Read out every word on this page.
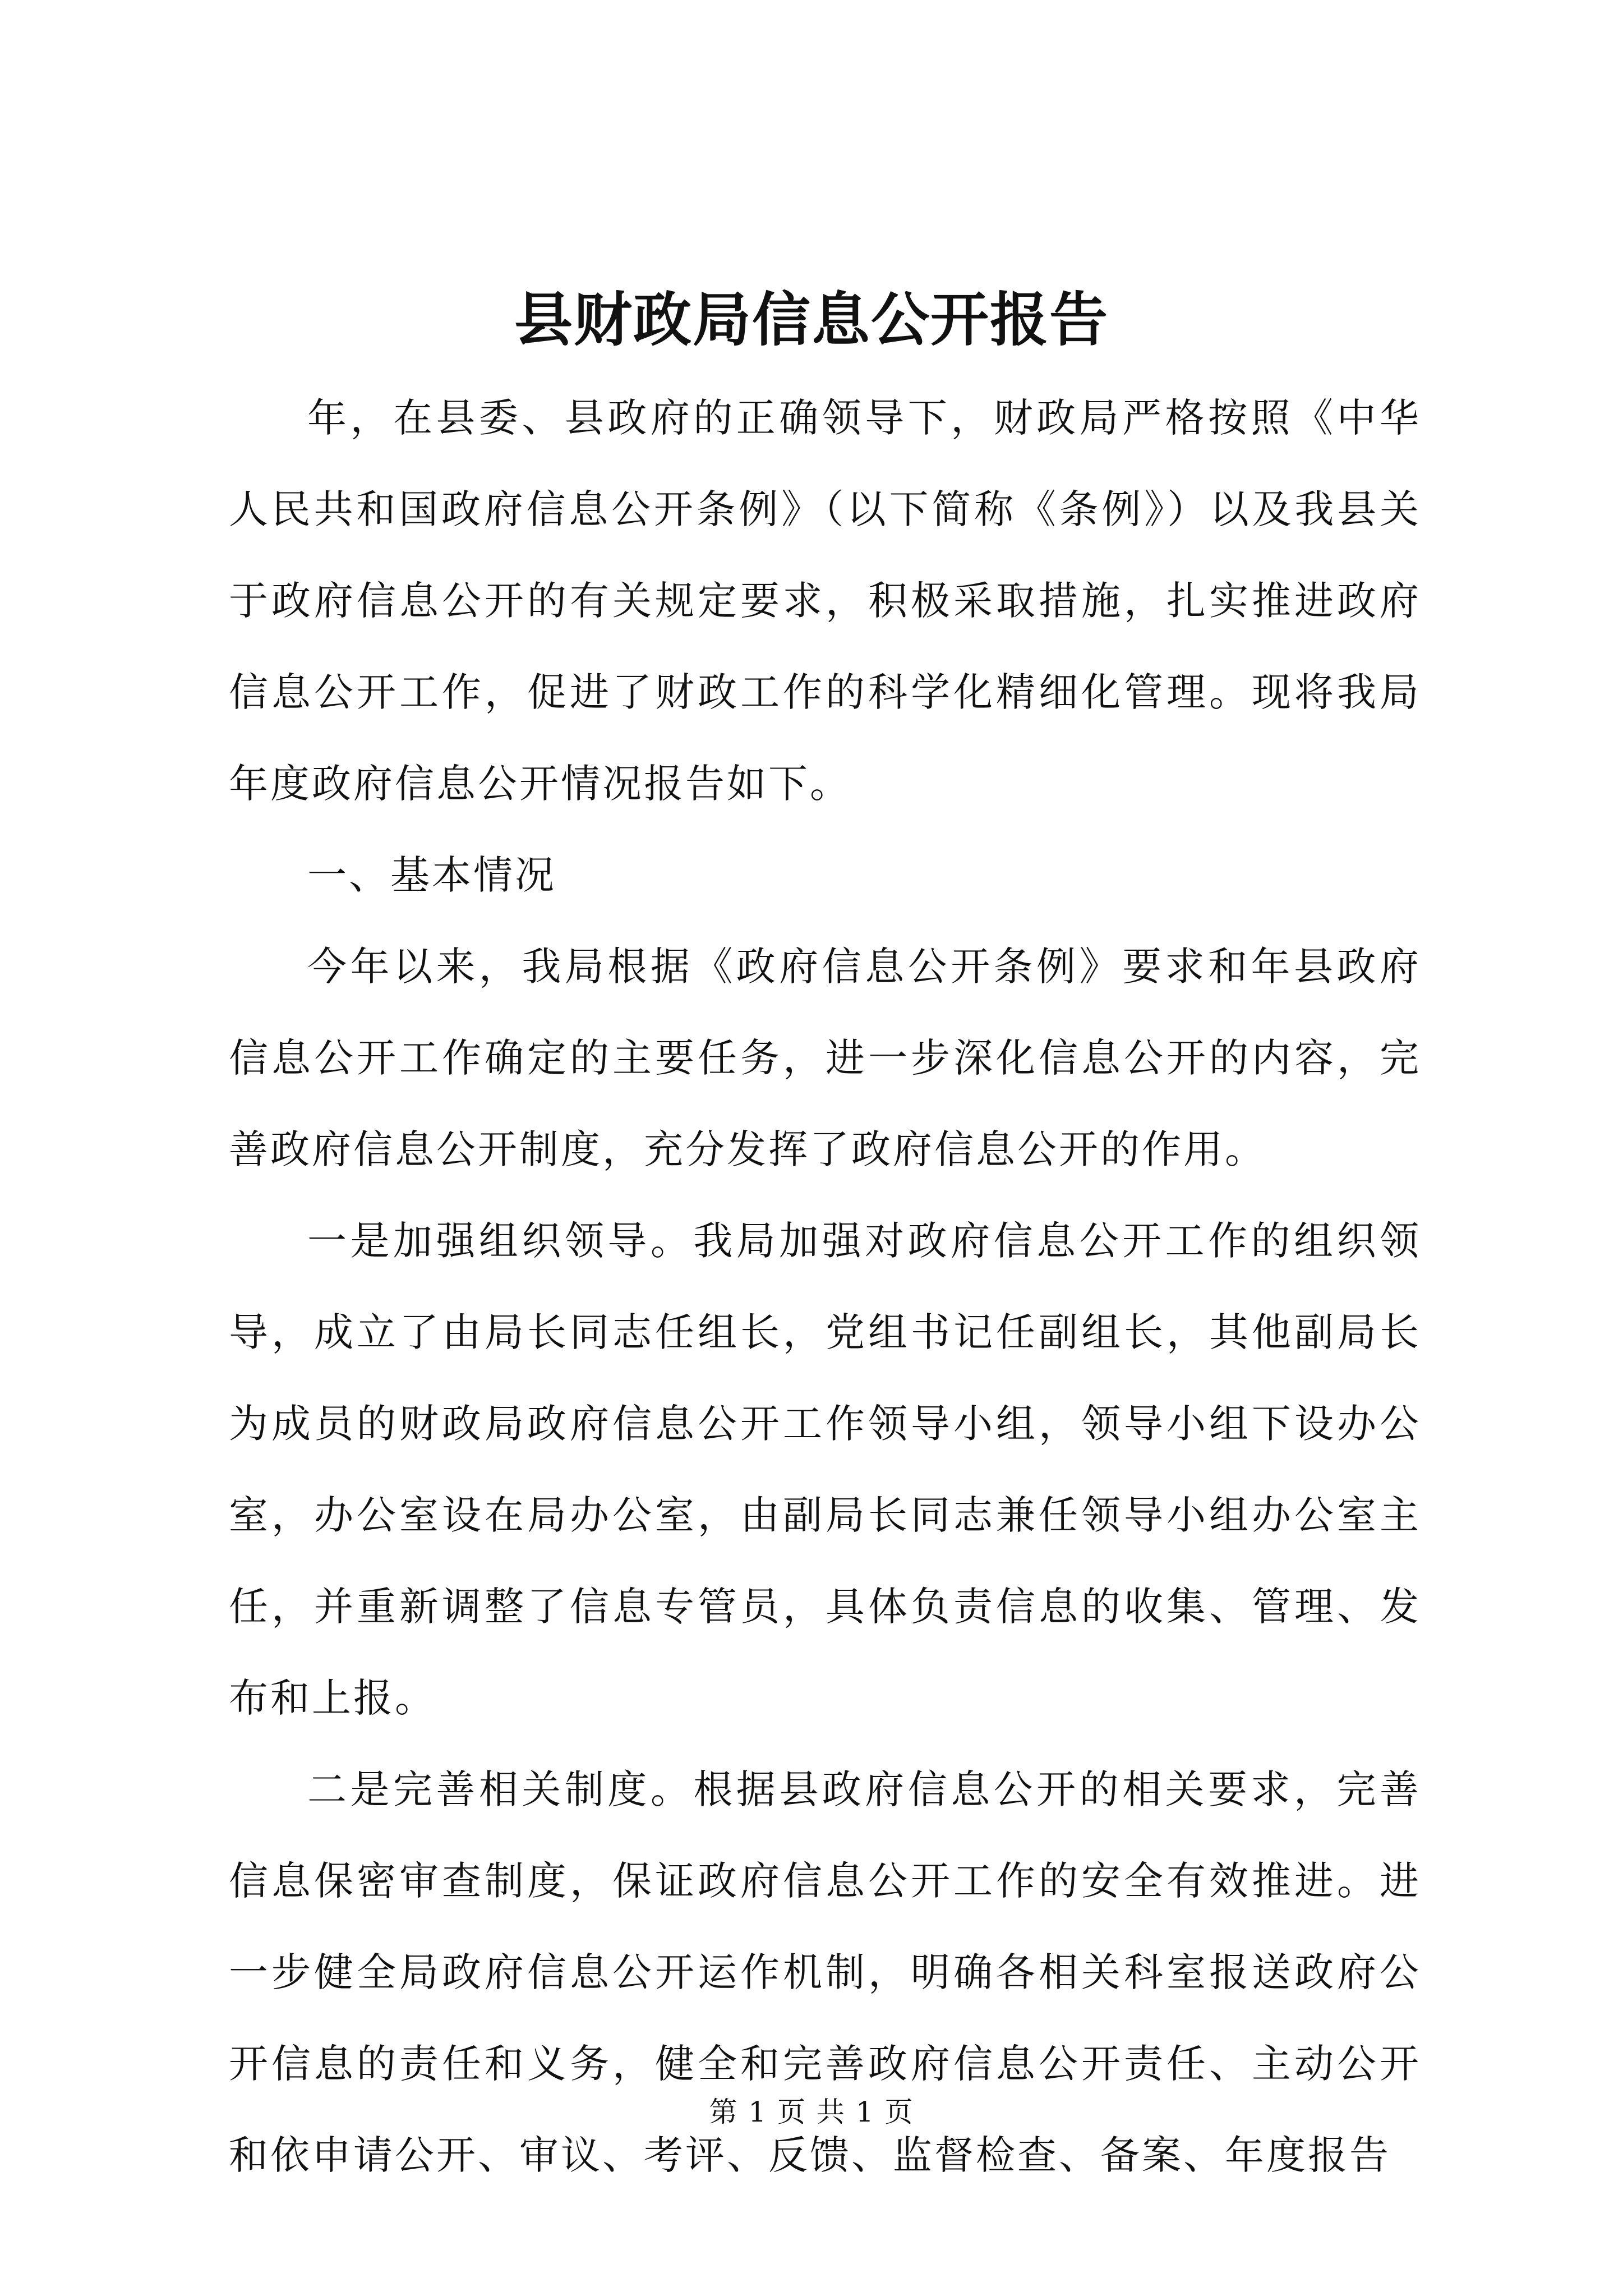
县财政局信息公开报告

年，在县委、县政府的正确领导下，财政局严格按照《中华人民共和国政府信息公开条例》（以下简称《条例》）以及我县关于政府信息公开的有关规定要求，积极采取措施，扎实推进政府信息公开工作，促进了财政工作的科学化精细化管理。现将我局年度政府信息公开情况报告如下。

一、基本情况

今年以来，我局根据《政府信息公开条例》要求和年县政府信息公开工作确定的主要任务，进一步深化信息公开的内容，完善政府信息公开制度，充分发挥了政府信息公开的作用。

一是加强组织领导。我局加强对政府信息公开工作的组织领导，成立了由局长同志任组长，党组书记任副组长，其他副局长为成员的财政局政府信息公开工作领导小组，领导小组下设办公室，办公室设在局办公室，由副局长同志兼任领导小组办公室主任，并重新调整了信息专管员，具体负责信息的收集、管理、发布和上报。

二是完善相关制度。根据县政府信息公开的相关要求，完善信息保密审查制度，保证政府信息公开工作的安全有效推进。进一步健全局政府信息公开运作机制，明确各相关科室报送政府公开信息的责任和义务，健全和完善政府信息公开责任、主动公开和依申请公开、审议、考评、反馈、监督检查、备案、年度报告

第 1 页 共 1 页
